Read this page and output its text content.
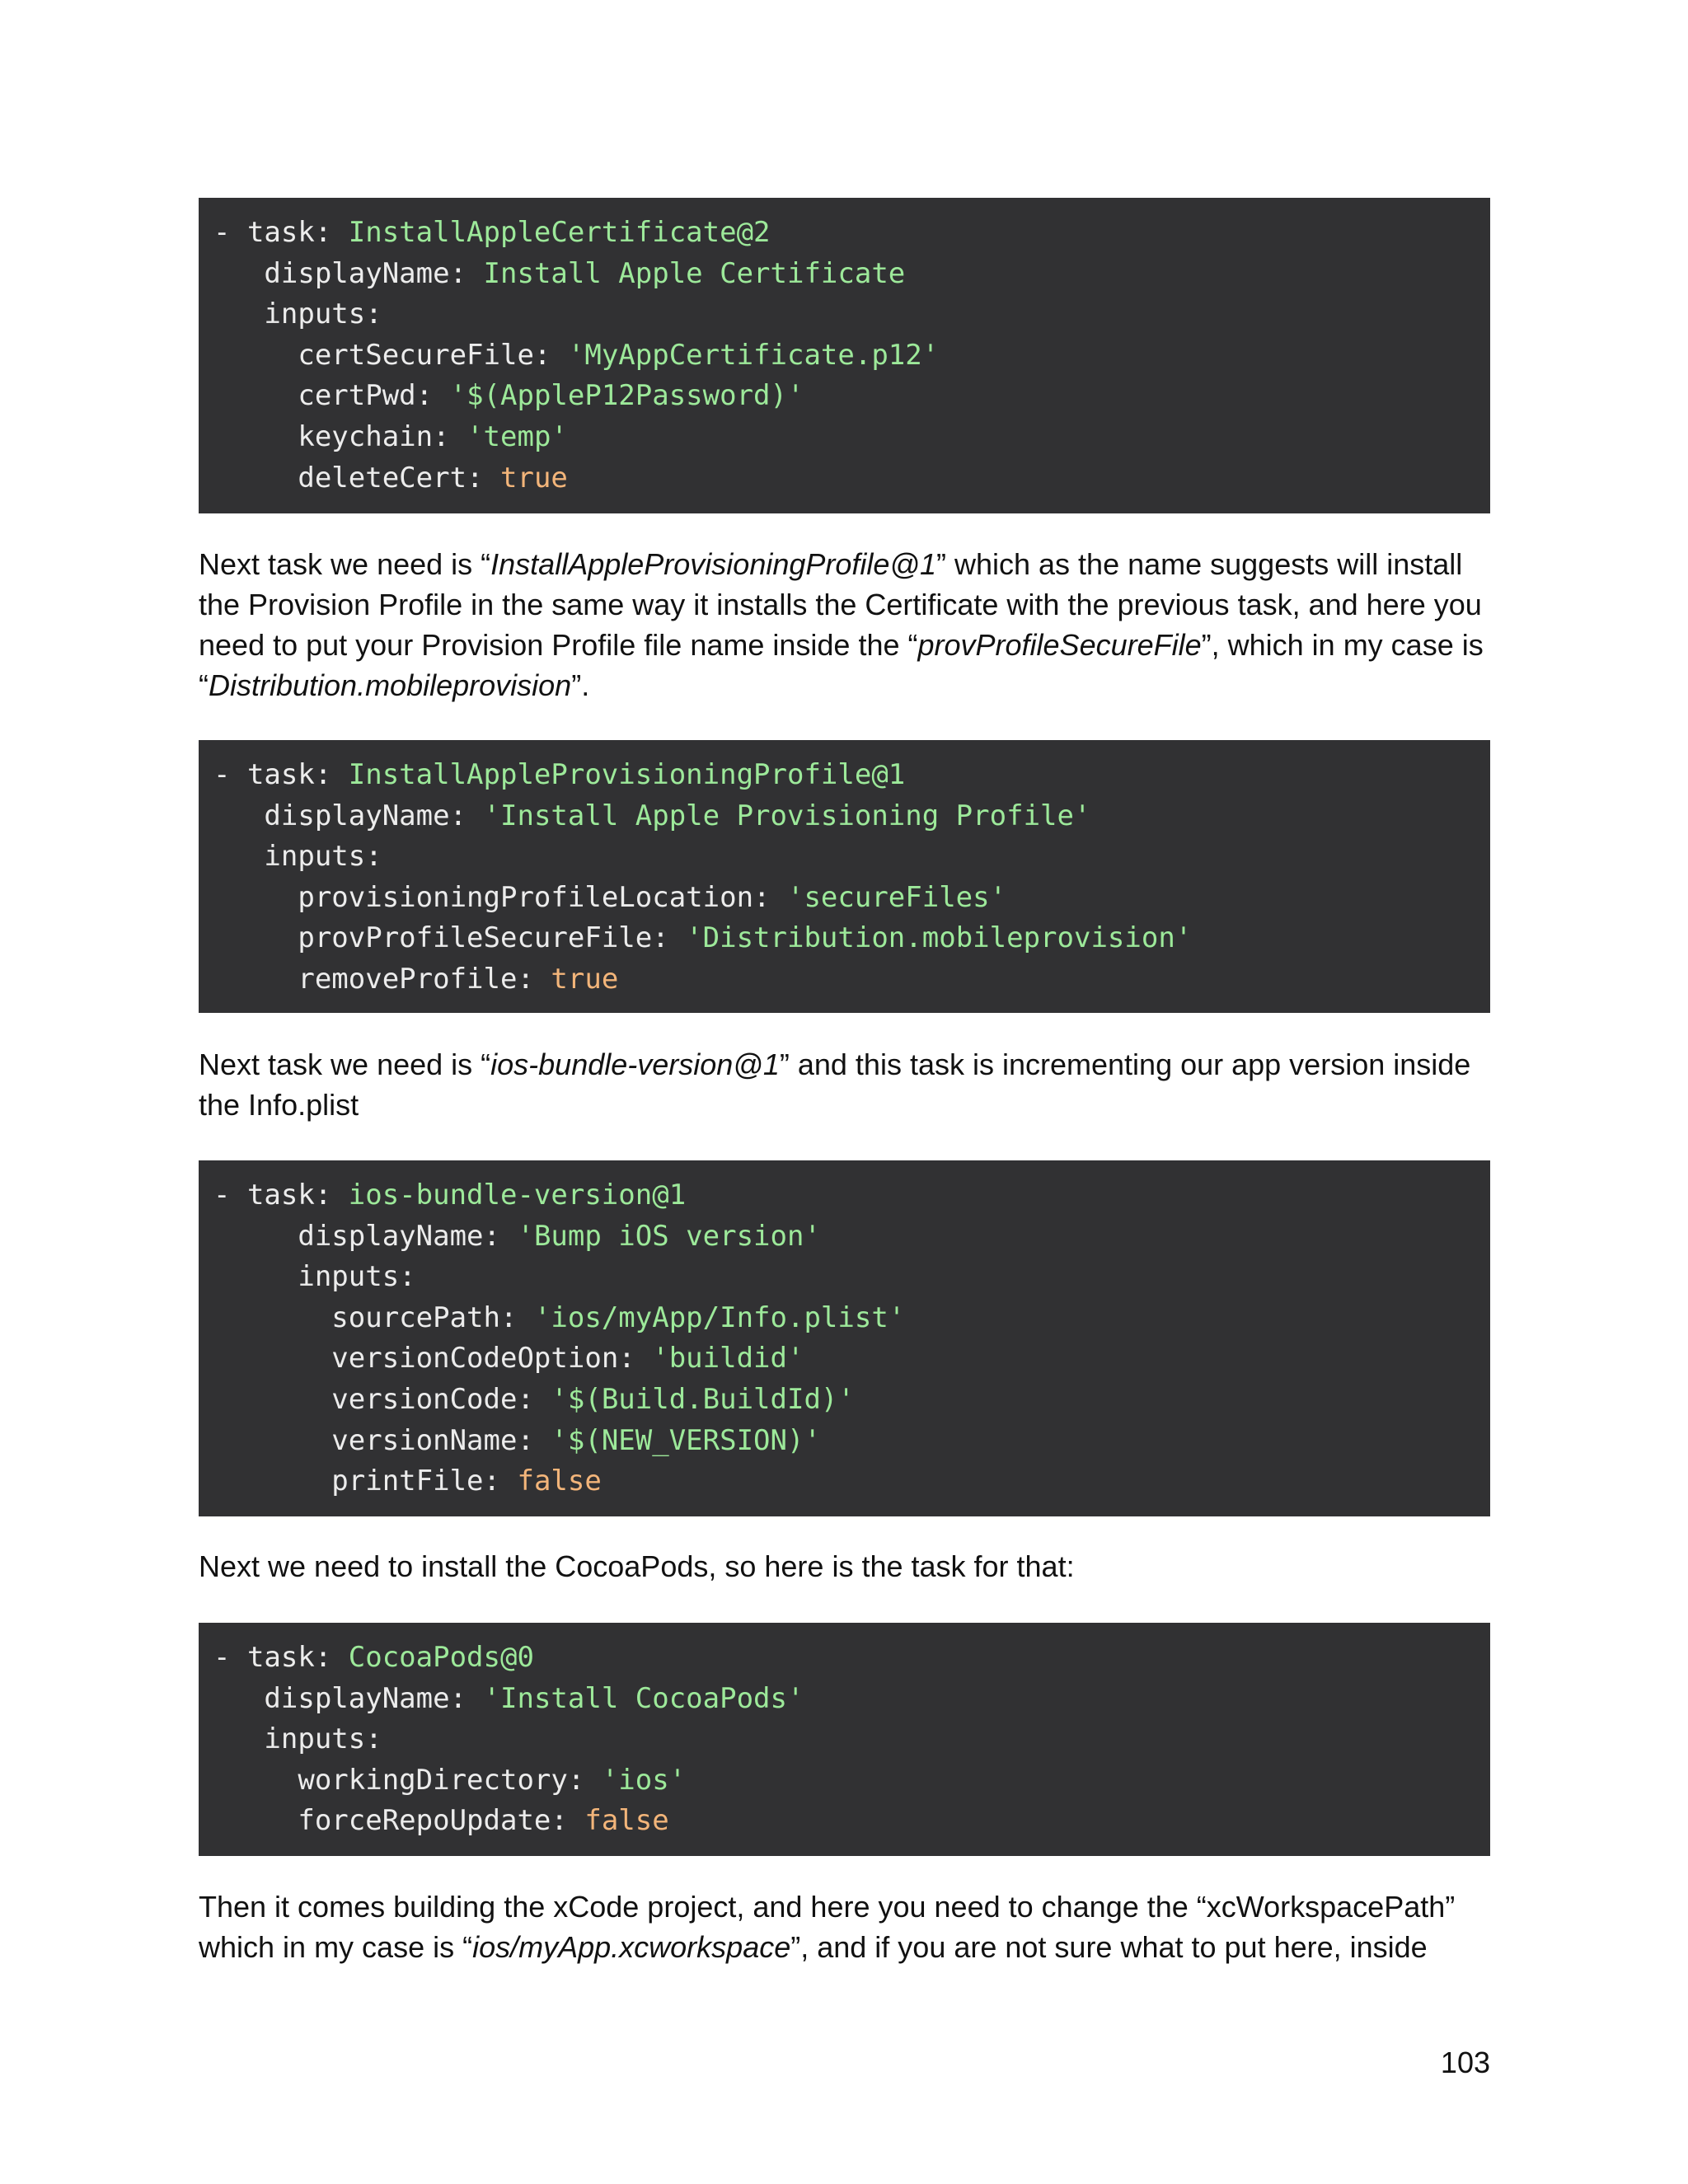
- task: InstallAppleCertificate@2
displayName: Install Apple Certificate
inputs:
certSecureFile: 'MyAppCertificate.p12'
certPwd: '$(AppleP12Password)'
keychain: 'temp'
deleteCert: true

Next task we need is “InstallAppleProvisioningProfile@1” which as the name suggests will install the Provision Profile in the same way it installs the Certificate with the previous task, and here you need to put your Provision Profile file name inside the “provProfileSecureFile”, which in my case is “Distribution.mobileprovision”.

- task: InstallAppleProvisioningProfile@1
displayName: 'Install Apple Provisioning Profile'
inputs:
provisioningProfileLocation: 'secureFiles'
provProfileSecureFile: 'Distribution.mobileprovision'
removeProfile: true

Next task we need is “ios-bundle-version@1” and this task is incrementing our app version inside the Info.plist

- task: ios-bundle-version@1
displayName: 'Bump iOS version'
inputs:
sourcePath: 'ios/myApp/Info.plist'
versionCodeOption: 'buildid'
versionCode: '$(Build.BuildId)'
versionName: '$(NEW_VERSION)'
printFile: false

Next we need to install the CocoaPods, so here is the task for that:

- task: CocoaPods@0
displayName: 'Install CocoaPods'
inputs:
workingDirectory: 'ios'
forceRepoUpdate: false

Then it comes building the xCode project, and here you need to change the “xcWorkspacePath” which in my case is “ios/myApp.xcworkspace”, and if you are not sure what to put here, inside

103
